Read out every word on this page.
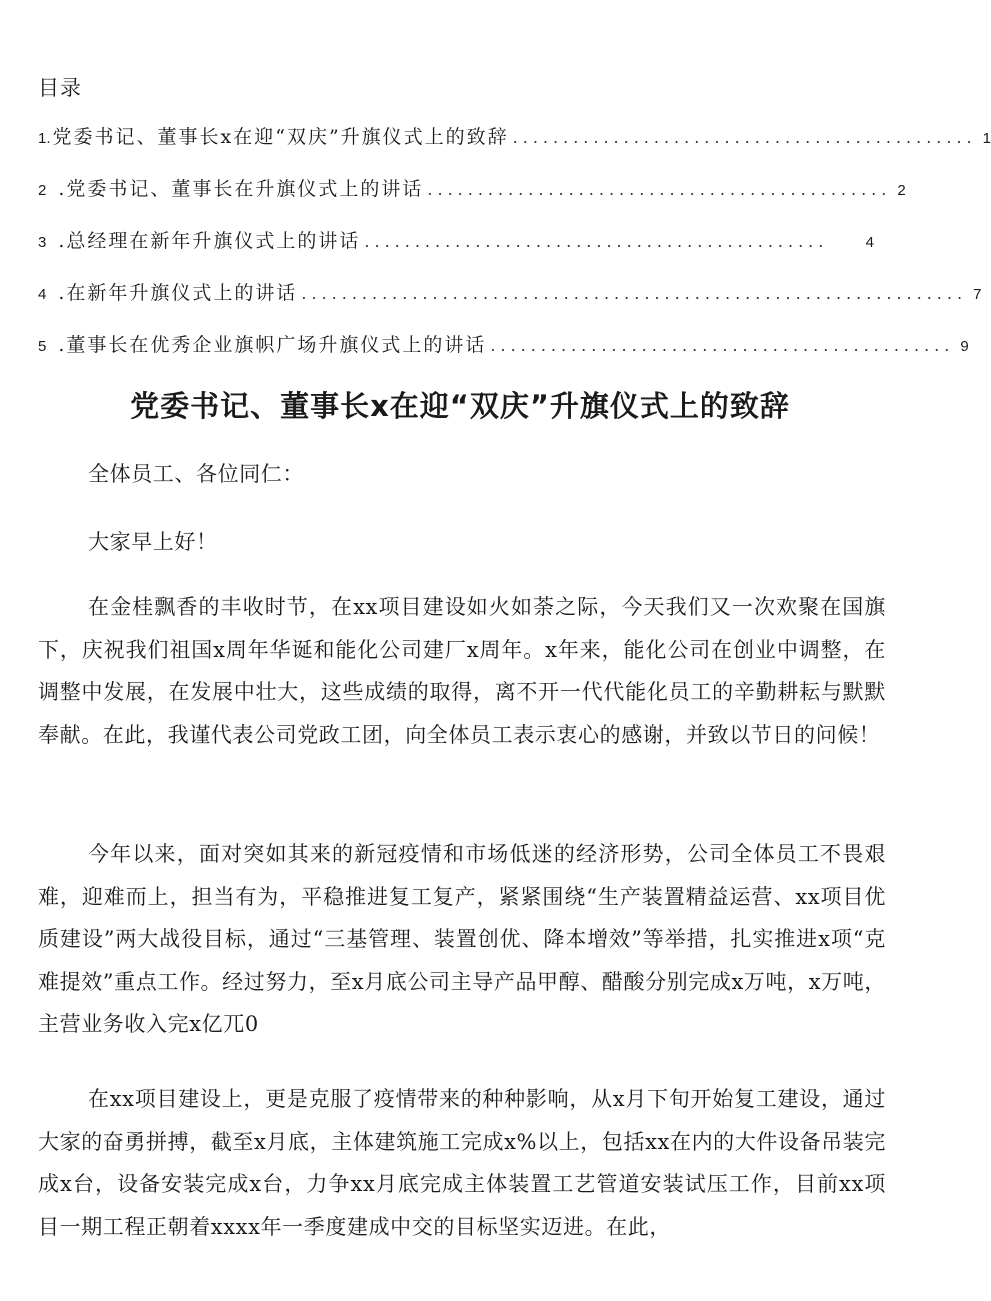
目录
1. 党委书记、董事长x在迎“双庆”升旗仪式上的致辞 .............................................. 1
2 .党委书记、董事长在升旗仪式上的讲话 .............................................. 2
3 .总经理在新年升旗仪式上的讲话 ..............................................	4
4 .在新年升旗仪式上的讲话 .................................................................. 7
5 .董事长在优秀企业旗帜广场升旗仪式上的讲话 .............................................. 9
党委书记、董事长x在迎“双庆”升旗仪式上的致辞

全体员工、各位同仁：

大家早上好！

在金桂飘香的丰收时节，在xx项目建设如火如荼之际，今天我们又一次欢聚在国旗下，庆祝我们祖国x周年华诞和能化公司建厂x周年。x年来，能化公司在创业中调整，在调整中发展，在发展中壮大，这些成绩的取得，离不开一代代能化员工的辛勤耕耘与默默奉献。在此，我谨代表公司党政工团，向全体员工表示衷心的感谢，并致以节日的问候！

今年以来，面对突如其来的新冠疫情和市场低迷的经济形势，公司全体员工不畏艰难，迎难而上，担当有为，平稳推进复工复产，紧紧围绕“生产装置精益运营、xx项目优质建设”两大战役目标，通过“三基管理、装置创优、降本增效”等举措，扎实推进x项“克难提效”重点工作。经过努力，至x月底公司主导产品甲醇、醋酸分别完成x万吨，x万吨，主营业务收入完x亿兀0

在xx项目建设上，更是克服了疫情带来的种种影响，从x月下旬开始复工建设，通过大家的奋勇拼搏，截至x月底，主体建筑施工完成x%以上，包括xx在内的大件设备吊装完成x台，设备安装完成x台，力争xx月底完成主体装置工艺管道安装试压工作，目前xx项目一期工程正朝着xxxx年一季度建成中交的目标坚实迈进。在此，
